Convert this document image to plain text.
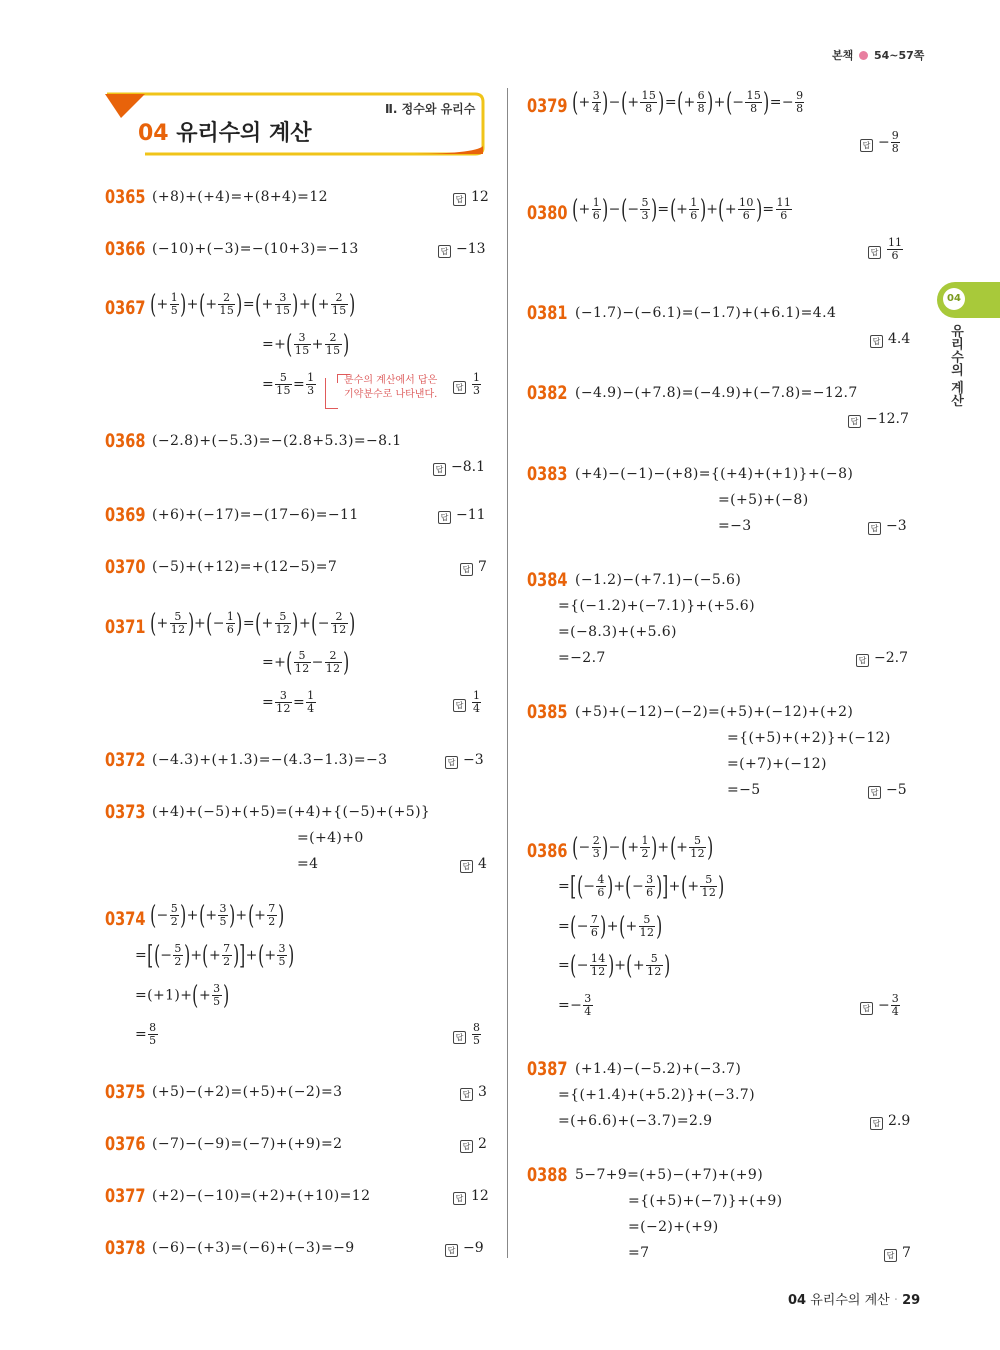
본책 54~57쪽
Ⅱ. 정수와 유리수
04 유리수의 계산
04
유리수의 계산
0365 (+8)+(+4)=+(8+4)=12	답 12
0366 (−10)+(−3)=−(10+3)=−13	답 −13
0367 (+ $\frac{1}{5}$ )+(+ $\frac{2}{15}$ )=(+ $\frac{3}{15}$ )+(+ $\frac{2}{15}$ )
=+( $\frac{3}{15} + \frac{2}{15}$ )
= $\frac{5}{15} = \frac{1}{3}$	분수의 계산에서 답은
기약분수로 나타낸다.
답 $\frac{1}{3}$
0368 (−2.8)+(−5.3)=−(2.8+5.3)=−8.1
답 −8.1
0369 (+6)+(−17)=−(17−6)=−11	답 −11
0370 (−5)+(+12)=+(12−5)=7	답 7
0371 (+ $\frac{5}{12}$ )+(− $\frac{1}{6}$ )=(+ $\frac{5}{12}$ )+(− $\frac{2}{12}$ )
=+( $\frac{5}{12} - \frac{2}{12}$ )
= $\frac{3}{12} = \frac{1}{4}$	답 $\frac{1}{4}$
0372 (−4.3)+(+1.3)=−(4.3−1.3)=−3	답 −3
0373 (+4)+(−5)+(+5)=(+4)+{(−5)+(+5)}
=(+4)+0
=4	답 4
0374 (− $\frac{5}{2}$ )+(+ $\frac{3}{5}$ )+(+ $\frac{7}{2}$ )
=[(− $\frac{5}{2}$ )+(+ $\frac{7}{2}$ )]+(+ $\frac{3}{5}$ )
$=(+1)+(+ \frac{3}{5}$ )
= $\frac{8}{5}$	답 $\frac{8}{5}$
0375 (+5)−(+2)=(+5)+(−2)=3	답 3
0376 (−7)−(−9)=(−7)+(+9)=2	답 2
0377 (+2)−(−10)=(+2)+(+10)=12	답 12
0378 (−6)−(+3)=(−6)+(−3)=−9	답 −9
0379 (+ $\frac{3}{4}$ )−(+ $\frac{15}{8}$ )=(+ $\frac{6}{8}$ )+(− $\frac{15}{8}$ )=− $\frac{9}{8}$
답 − $\frac{9}{8}$
0380 (+ $\frac{1}{6}$ )−(− $\frac{5}{3}$ )=(+ $\frac{1}{6}$ )+(+ $\frac{10}{6}$ )= $\frac{11}{6}$
답 $\frac{11}{6}$
0381 (−1.7)−(−6.1)=(−1.7)+(+6.1)=4.4
답 4.4
0382 (−4.9)−(+7.8)=(−4.9)+(−7.8)=−12.7
답 −12.7
0383 (+4)−(−1)−(+8)={(+4)+(+1)}+(−8)
=(+5)+(−8)
=−3	답 −3
0384 (−1.2)−(+7.1)−(−5.6)
={(−1.2)+(−7.1)}+(+5.6)
=(−8.3)+(+5.6)
=−2.7	답 −2.7
0385 (+5)+(−12)−(−2)=(+5)+(−12)+(+2)
={(+5)+(+2)}+(−12)
=(+7)+(−12)
=−5	답 −5
0386 (− $\frac{2}{3}$ )−(+ $\frac{1}{2}$ )+(+ $\frac{5}{12}$ )
=[(− $\frac{4}{6}$ )+(− $\frac{3}{6}$ )]+(+ $\frac{5}{12}$ )
=(− $\frac{7}{6}$ )+(+ $\frac{5}{12}$ )
=(− $\frac{14}{12}$ )+(+ $\frac{5}{12}$ )
=− $\frac{3}{4}$	답 − $\frac{3}{4}$
0387 (+1.4)−(−5.2)+(−3.7)
={(+1.4)+(+5.2)}+(−3.7)
=(+6.6)+(−3.7)=2.9	답 2.9
0388 5−7+9=(+5)−(+7)+(+9)
={(+5)+(−7)}+(+9)
=(−2)+(+9)
=7	답 7
04 유리수의 계산 · 29
